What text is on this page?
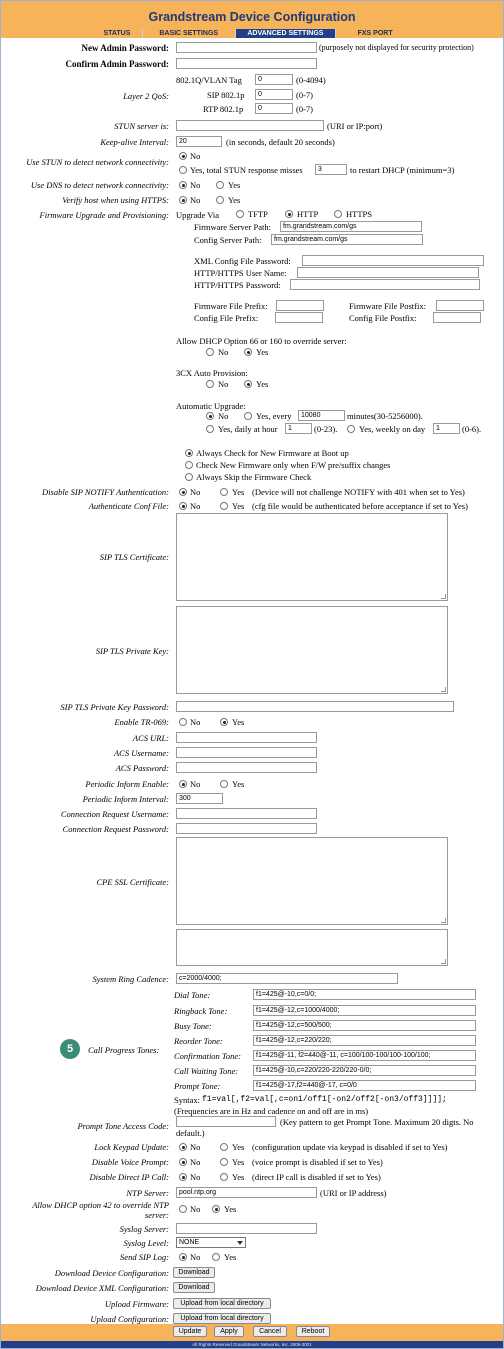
Grandstream Device Configuration
STATUS	BASIC SETTINGS	ADVANCED SETTINGS	FXS PORT
New Admin Password:	(purposely not displayed for security protection)
Confirm Admin Password:
Layer 2 QoS:
802.1Q/VLAN Tag	0	(0-4094)
SIP 802.1p	0	(0-7)
RTP 802.1p	0	(0-7)
STUN server is:	(URI or IP:port)
Keep-alive Interval:	20	(in seconds, default 20 seconds)
Use STUN to detect network connectivity:
No
Yes, total STUN response misses	3	to restart DHCP (minimum=3)
Use DNS to detect network connectivity: No	Yes
Verify host when using HTTPS: No	Yes
Firmware Upgrade and Provisioning: Upgrade Via	TFTP	HTTP	HTTPS
Firmware Server Path:	fm.grandstream.com/gs
Config Server Path:	fm.grandstream.com/gs
XML Config File Password:
HTTP/HTTPS User Name:
HTTP/HTTPS Password:
Firmware File Prefix:	Firmware File Postfix:
Config File Prefix:	Config File Postfix:
Allow DHCP Option 66 or 160 to override server:
No	Yes
3CX Auto Provision:
No	Yes
Automatic Upgrade:
No	Yes, every	10080	minutes(30-5256000).
Yes, daily at hour	1	(0-23).	Yes, weekly on day	1	(0-6).
Always Check for New Firmware at Boot up
Check New Firmware only when F/W pre/suffix changes
Always Skip the Firmware Check
Disable SIP NOTIFY Authentication: No	Yes (Device will not challenge NOTIFY with 401 when set to Yes)
Authenticate Conf File: No	Yes (cfg file would be authenticated before acceptance if set to Yes)
SIP TLS Certificate:
SIP TLS Private Key:
SIP TLS Private Key Password:
Enable TR-069: No	Yes
ACS URL:
ACS Username:
ACS Password:
Periodic Inform Enable: No	Yes
Periodic Inform Interval:	300
Connection Request Username:
Connection Request Password:
CPE SSL Certificate:
System Ring Cadence:	c=2000/4000;
5	Call Progress Tones:
Dial Tone:	f1=425@-10,c=0/0;
Ringback Tone:	f1=425@-12,c=1000/4000;
Busy Tone:	f1=425@-12,c=500/500;
Reorder Tone:	f1=425@-12,c=220/220;
Confirmation Tone:	f1=425@-11, f2=440@-11, c=100/100-100/100-100/100;
Call Waiting Tone:	f1=425@-10,c=220/220-220/220-0/0;
Prompt Tone:	f1=425@-17,f2=440@-17, c=0/0
Syntax: f1=val[,f2=val[,c=on1/off1[-on2/off2[-on3/off3]]]];
(Frequencies are in Hz and cadence on and off are in ms)
Prompt Tone Access Code:	(Key pattern to get Prompt Tone. Maximum 20 digts. No
default.)
Lock Keypad Update: No	Yes (configuration update via keypad is disabled if set to Yes)
Disable Voice Prompt: No	Yes (voice prompt is disabled if set to Yes)
Disable Direct IP Call: No	Yes (direct IP call is disabled if set to Yes)
NTP Server:	pool.ntp.org	(URI or IP address)
Allow DHCP option 42 to override NTP
server:
No	Yes
Syslog Server:
Syslog Level:	NONE
Send SIP Log: No	Yes
Download Device Configuration:	Download
Download Device XML Configuration:	Download
Upload Firmware:	Upload from local directory
Upload Configuration:	Upload from local directory
Update	Apply	Cancel	Reboot
All Rights Reserved Grandstream Networks, Inc. 2006-2021
